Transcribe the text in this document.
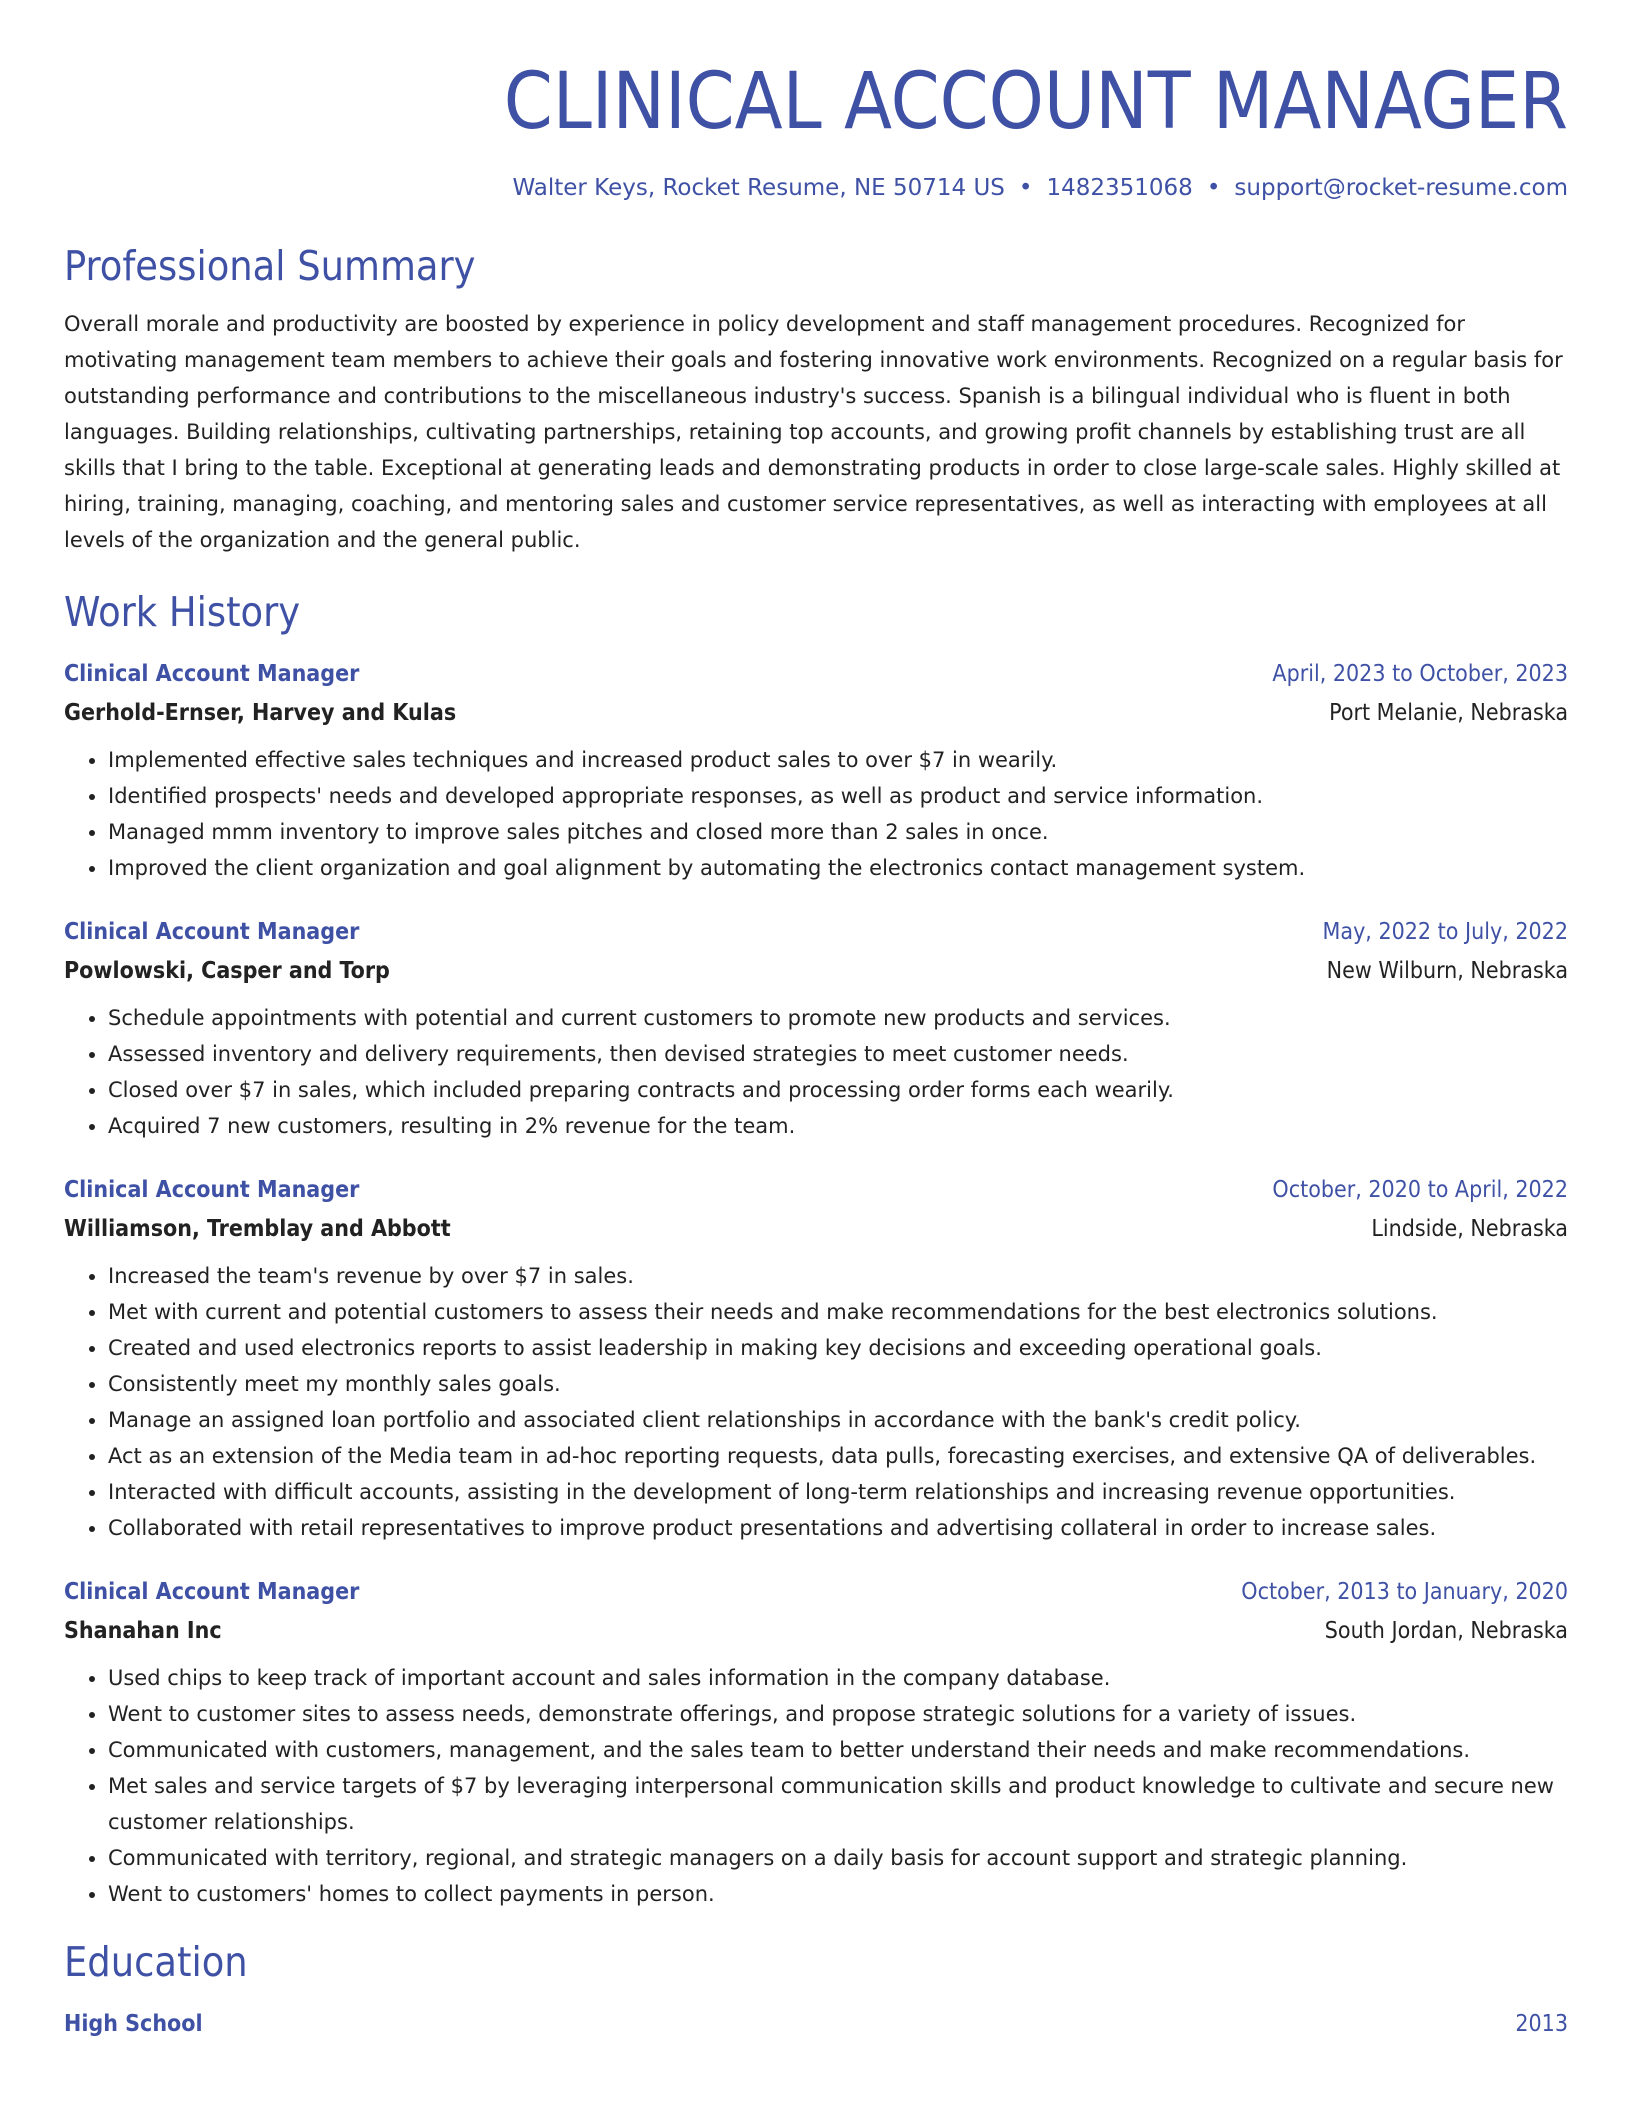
CLINICAL ACCOUNT MANAGER
Walter Keys, Rocket Resume, NE 50714 US • 1482351068 • support@rocket-resume.com
Professional Summary

Overall morale and productivity are boosted by experience in policy development and staff management procedures. Recognized for motivating management team members to achieve their goals and fostering innovative work environments. Recognized on a regular basis for outstanding performance and contributions to the miscellaneous industry's success. Spanish is a bilingual individual who is fluent in both languages. Building relationships, cultivating partnerships, retaining top accounts, and growing profit channels by establishing trust are all skills that I bring to the table. Exceptional at generating leads and demonstrating products in order to close large-scale sales. Highly skilled at hiring, training, managing, coaching, and mentoring sales and customer service representatives, as well as interacting with employees at all levels of the organization and the general public.

Work History
Clinical Account Manager	April, 2023 to October, 2023
Gerhold-Ernser, Harvey and Kulas	Port Melanie, Nebraska
• Implemented effective sales techniques and increased product sales to over $7 in wearily.
• Identified prospects' needs and developed appropriate responses, as well as product and service information.
• Managed mmm inventory to improve sales pitches and closed more than 2 sales in once.
• Improved the client organization and goal alignment by automating the electronics contact management system.
Clinical Account Manager	May, 2022 to July, 2022
Powlowski, Casper and Torp	New Wilburn, Nebraska
• Schedule appointments with potential and current customers to promote new products and services.
• Assessed inventory and delivery requirements, then devised strategies to meet customer needs.
• Closed over $7 in sales, which included preparing contracts and processing order forms each wearily.
• Acquired 7 new customers, resulting in 2% revenue for the team.
Clinical Account Manager	October, 2020 to April, 2022
Williamson, Tremblay and Abbott	Lindside, Nebraska
• Increased the team's revenue by over $7 in sales.
• Met with current and potential customers to assess their needs and make recommendations for the best electronics solutions.
• Created and used electronics reports to assist leadership in making key decisions and exceeding operational goals.
• Consistently meet my monthly sales goals.
• Manage an assigned loan portfolio and associated client relationships in accordance with the bank's credit policy.
• Act as an extension of the Media team in ad-hoc reporting requests, data pulls, forecasting exercises, and extensive QA of deliverables.
• Interacted with difficult accounts, assisting in the development of long-term relationships and increasing revenue opportunities.
• Collaborated with retail representatives to improve product presentations and advertising collateral in order to increase sales.
Clinical Account Manager	October, 2013 to January, 2020
Shanahan Inc	South Jordan, Nebraska
• Used chips to keep track of important account and sales information in the company database.
• Went to customer sites to assess needs, demonstrate offerings, and propose strategic solutions for a variety of issues.
• Communicated with customers, management, and the sales team to better understand their needs and make recommendations.
• Met sales and service targets of $7 by leveraging interpersonal communication skills and product knowledge to cultivate and secure new customer relationships.
• Communicated with territory, regional, and strategic managers on a daily basis for account support and strategic planning.
• Went to customers' homes to collect payments in person.
Education
High School	2013
